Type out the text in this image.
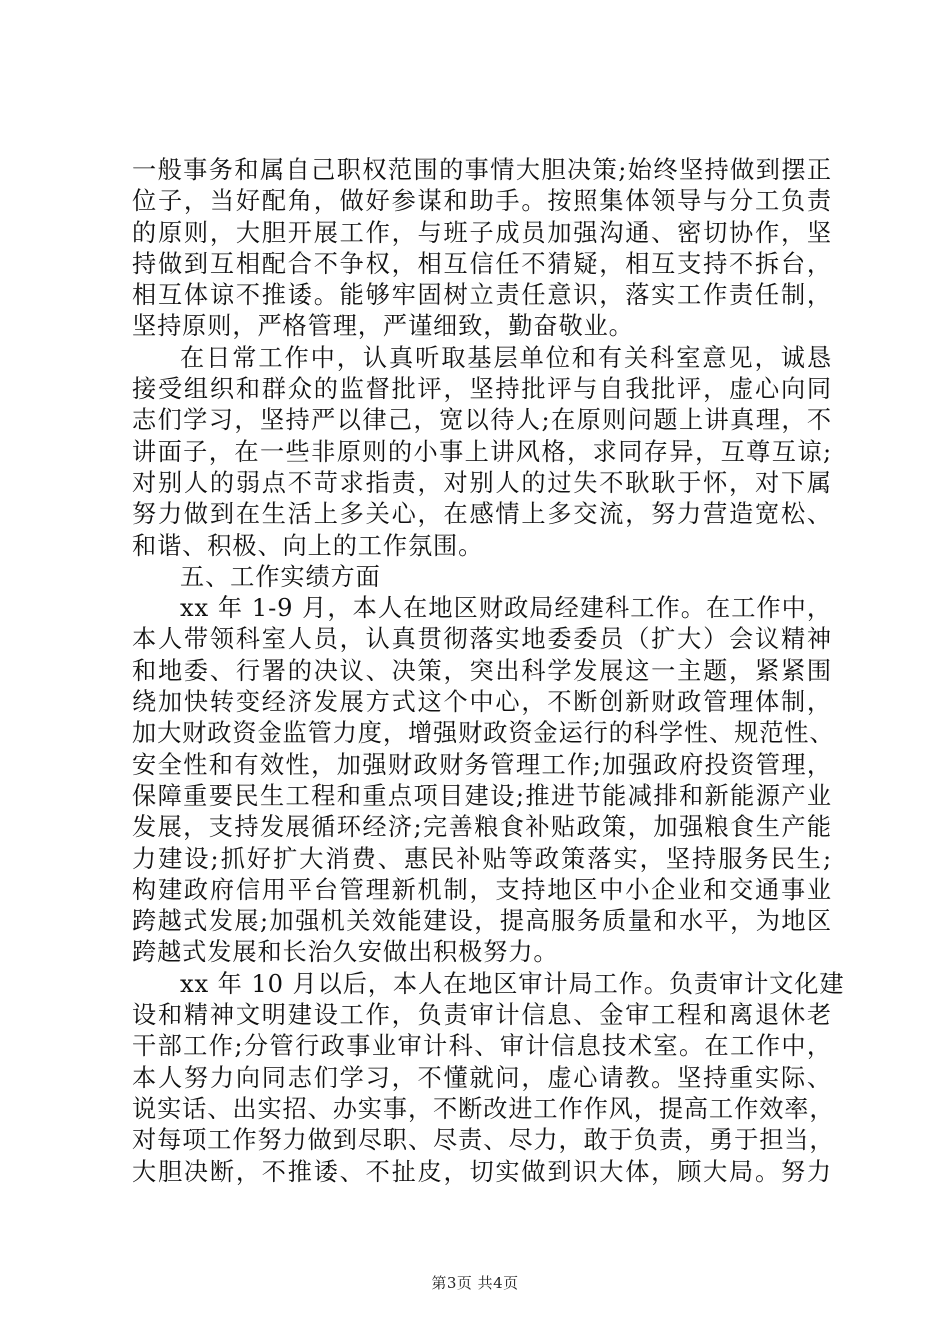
一般事务和属自己职权范围的事情大胆决策;始终坚持做到摆正
位子，当好配角，做好参谋和助手。按照集体领导与分工负责
的原则，大胆开展工作，与班子成员加强沟通、密切协作，坚
持做到互相配合不争权，相互信任不猜疑，相互支持不拆台，
相互体谅不推诿。能够牢固树立责任意识，落实工作责任制，
坚持原则，严格管理，严谨细致，勤奋敬业。
在日常工作中，认真听取基层单位和有关科室意见，诚恳
接受组织和群众的监督批评，坚持批评与自我批评，虚心向同
志们学习，坚持严以律己，宽以待人;在原则问题上讲真理，不
讲面子，在一些非原则的小事上讲风格，求同存异，互尊互谅;
对别人的弱点不苛求指责，对别人的过失不耿耿于怀，对下属
努力做到在生活上多关心，在感情上多交流，努力营造宽松、
和谐、积极、向上的工作氛围。
五、工作实绩方面
xx 年 1-9 月，本人在地区财政局经建科工作。在工作中，
本人带领科室人员，认真贯彻落实地委委员（扩大）会议精神
和地委、行署的决议、决策，突出科学发展这一主题，紧紧围
绕加快转变经济发展方式这个中心，不断创新财政管理体制，
加大财政资金监管力度，增强财政资金运行的科学性、规范性、
安全性和有效性，加强财政财务管理工作;加强政府投资管理，
保障重要民生工程和重点项目建设;推进节能减排和新能源产业
发展，支持发展循环经济;完善粮食补贴政策，加强粮食生产能
力建设;抓好扩大消费、惠民补贴等政策落实，坚持服务民生;
构建政府信用平台管理新机制，支持地区中小企业和交通事业
跨越式发展;加强机关效能建设，提高服务质量和水平，为地区
跨越式发展和长治久安做出积极努力。
xx 年 10 月以后，本人在地区审计局工作。负责审计文化建
设和精神文明建设工作，负责审计信息、金审工程和离退休老
干部工作;分管行政事业审计科、审计信息技术室。在工作中，
本人努力向同志们学习，不懂就问，虚心请教。坚持重实际、
说实话、出实招、办实事，不断改进工作作风，提高工作效率，
对每项工作努力做到尽职、尽责、尽力，敢于负责，勇于担当，
大胆决断，不推诿、不扯皮，切实做到识大体，顾大局。努力
第3页 共4页
